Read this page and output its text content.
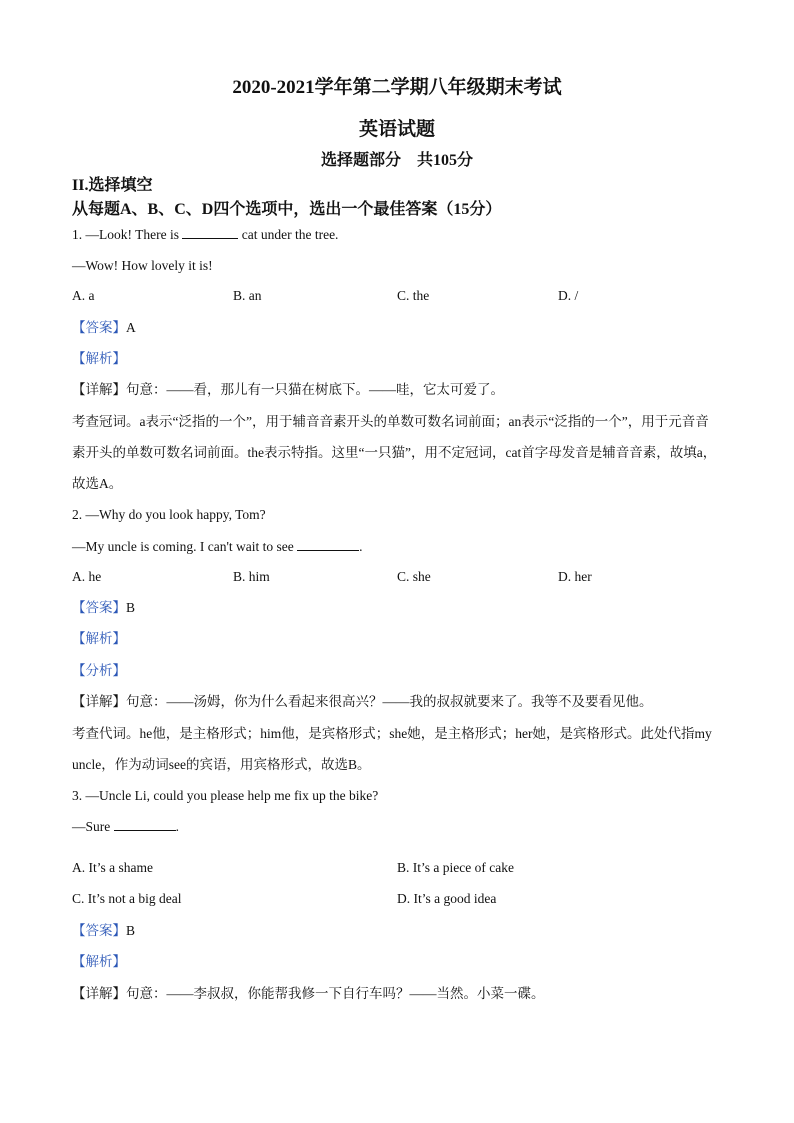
2020-2021学年第二学期八年级期末考试
英语试题
选择题部分　共105分
II.选择填空
从每题A、B、C、D四个选项中，选出一个最佳答案（15分）
1. —Look! There is	cat under the tree.
—Wow! How lovely it is!
A. a	B. an	C. the	D. /
【答案】A
【解析】
【详解】句意：——看，那儿有一只猫在树底下。——哇，它太可爱了。
考查冠词。a表示“泛指的一个”，用于辅音音素开头的单数可数名词前面；an表示“泛指的一个”，用于元音音素开头的单数可数名词前面。the表示特指。这里“一只猫”，用不定冠词，cat首字母发音是辅音音素，故填a，故选A。
2. —Why do you look happy, Tom?
—My uncle is coming. I can't wait to see	.
A. he	B. him	C. she	D. her
【答案】B
【解析】
【分析】
【详解】句意：——汤姆，你为什么看起来很高兴？——我的叔叔就要来了。我等不及要看见他。
考查代词。he他，是主格形式；him他，是宾格形式；she她，是主格形式；her她，是宾格形式。此处代指my uncle，作为动词see的宾语，用宾格形式，故选B。
3. —Uncle Li, could you please help me fix up the bike?
—Sure	.
A. It’s a shame	B. It’s a piece of cake
C. It’s not a big deal	D. It’s a good idea
【答案】B
【解析】
【详解】句意：——李叔叔，你能帮我修一下自行车吗？——当然。小菜一碟。
